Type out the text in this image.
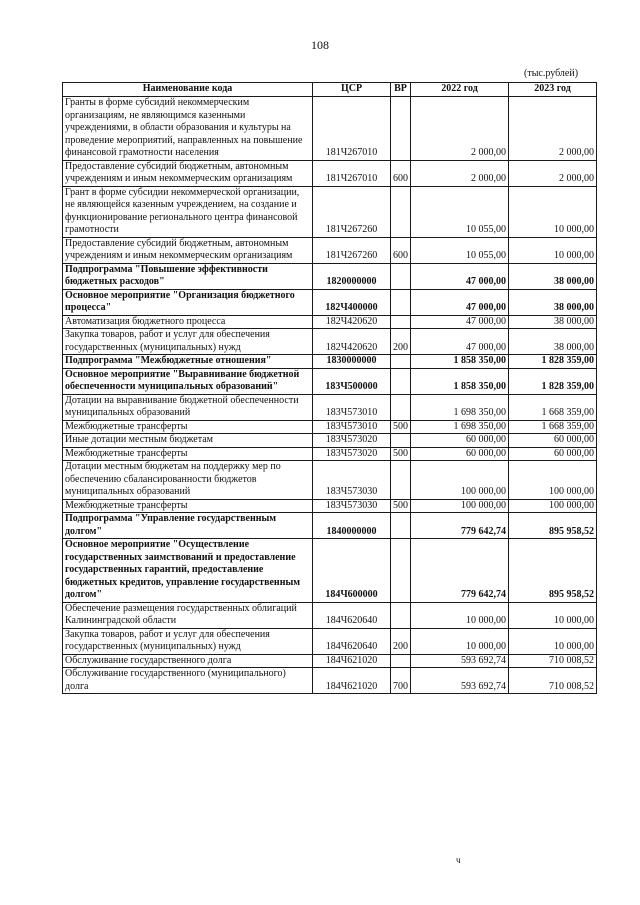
108
(тыс.рублей)
Наименование кода	ЦСР	ВР	2022 год	2023 год
Гранты в форме субсидий некоммерческим организациям, не являющимся казенными учреждениями, в области образования и культуры на проведение мероприятий, направленных на повышение финансовой грамотности населения	181Ч267010		2 000,00	2 000,00
Предоставление субсидий бюджетным, автономным учреждениям и иным некоммерческим организациям	181Ч267010	600	2 000,00	2 000,00
Грант в форме субсидии некоммерческой организации, не являющейся казенным учреждением, на создание и функционирование регионального центра финансовой грамотности	181Ч267260		10 055,00	10 000,00
Предоставление субсидий бюджетным, автономным учреждениям и иным некоммерческим организациям	181Ч267260	600	10 055,00	10 000,00
Подпрограмма "Повышение эффективности бюджетных расходов"	1820000000		47 000,00	38 000,00
Основное мероприятие "Организация бюджетного процесса"	182Ч400000		47 000,00	38 000,00
Автоматизация бюджетного процесса	182Ч420620		47 000,00	38 000,00
Закупка товаров, работ и услуг для обеспечения государственных (муниципальных) нужд	182Ч420620	200	47 000,00	38 000,00
Подпрограмма "Межбюджетные отношения"	1830000000		1 858 350,00	1 828 359,00
Основное мероприятие "Выравнивание бюджетной обеспеченности муниципальных образований"	183Ч500000		1 858 350,00	1 828 359,00
Дотации на выравнивание бюджетной обеспеченности муниципальных образований	183Ч573010		1 698 350,00	1 668 359,00
Межбюджетные трансферты	183Ч573010	500	1 698 350,00	1 668 359,00
Иные дотации местным бюджетам	183Ч573020		60 000,00	60 000,00
Межбюджетные трансферты	183Ч573020	500	60 000,00	60 000,00
Дотации местным бюджетам на поддержку мер по обеспечению сбалансированности бюджетов муниципальных образований	183Ч573030		100 000,00	100 000,00
Межбюджетные трансферты	183Ч573030	500	100 000,00	100 000,00
Подпрограмма "Управление государственным долгом"	1840000000		779 642,74	895 958,52
Основное мероприятие "Осуществление государственных заимствований и предоставление государственных гарантий, предоставление бюджетных кредитов, управление государственным долгом"	184Ч600000		779 642,74	895 958,52
Обеспечение размещения государственных облигаций Калининградской области	184Ч620640		10 000,00	10 000,00
Закупка товаров, работ и услуг для обеспечения государственных (муниципальных) нужд	184Ч620640	200	10 000,00	10 000,00
Обслуживание государственного долга	184Ч621020		593 692,74	710 008,52
Обслуживание государственного (муниципального) долга	184Ч621020	700	593 692,74	710 008,52
ч
